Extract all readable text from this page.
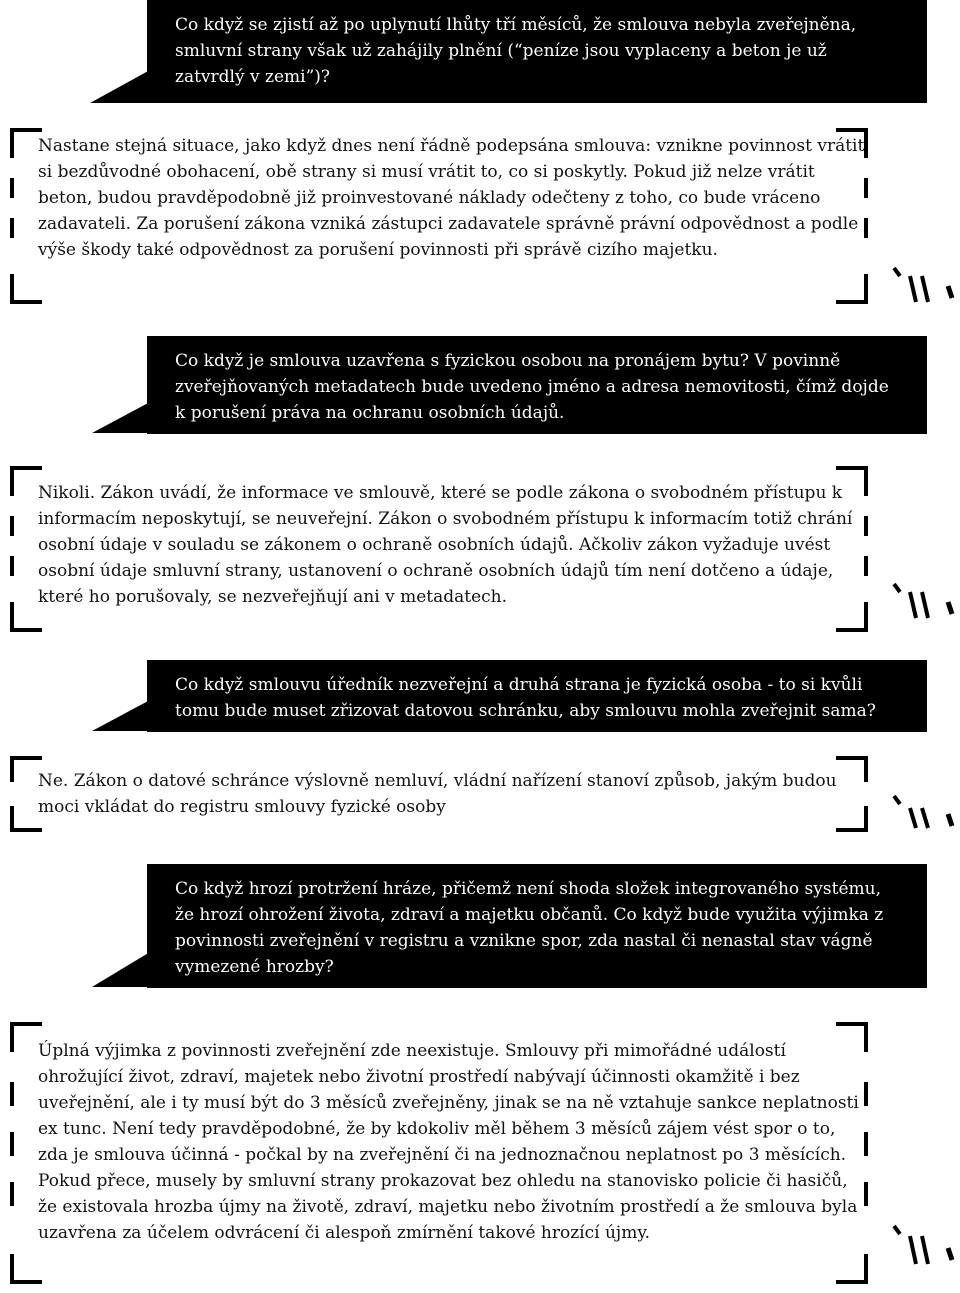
Co když se zjistí až po uplynutí lhůty tří měsíců, že smlouva nebyla zveřejněna, smluvní strany však už zahájily plnění (“peníze jsou vyplaceny a beton je už zatvrdlý v zemi”)?

Nastane stejná situace, jako když dnes není řádně podepsána smlouva: vznikne povinnost vrátit si bezdůvodné obohacení, obě strany si musí vrátit to, co si poskytly. Pokud již nelze vrátit beton, budou pravděpodobně již proinvestované náklady odečteny z toho, co bude vráceno zadavateli. Za porušení zákona vzniká zástupci zadavatele správně právní odpovědnost a podle výše škody také odpovědnost za porušení povinnosti při správě cizího majetku.

Co když je smlouva uzavřena s fyzickou osobou na pronájem bytu? V povinně zveřejňovaných metadatech bude uvedeno jméno a adresa nemovitosti, čímž dojde k porušení práva na ochranu osobních údajů.

Nikoli. Zákon uvádí, že informace ve smlouvě, které se podle zákona o svobodném přístupu k informacím neposkytují, se neuveřejní. Zákon o svobodném přístupu k informacím totiž chrání osobní údaje v souladu se zákonem o ochraně osobních údajů. Ačkoliv zákon vyžaduje uvést osobní údaje smluvní strany, ustanovení o ochraně osobních údajů tím není dotčeno a údaje, které ho porušovaly, se nezveřejňují ani v metadatech.

Co když smlouvu úředník nezveřejní a druhá strana je fyzická osoba - to si kvůli tomu bude muset zřizovat datovou schránku, aby smlouvu mohla zveřejnit sama?

Ne. Zákon o datové schránce výslovně nemluví, vládní nařízení stanoví způsob, jakým budou moci vkládat do registru smlouvy fyzické osoby

Co když hrozí protržení hráze, přičemž není shoda složek integrovaného systému, že hrozí ohrožení života, zdraví a majetku občanů. Co když bude využita výjimka z povinnosti zveřejnění v registru a vznikne spor, zda nastal či nenastal stav vágně vymezené hrozby?

Úplná výjimka z povinnosti zveřejnění zde neexistuje. Smlouvy při mimořádné událostí ohrožující život, zdraví, majetek nebo životní prostředí nabývají účinnosti okamžitě i bez uveřejnění, ale i ty musí být do 3 měsíců zveřejněny, jinak se na ně vztahuje sankce neplatnosti ex tunc. Není tedy pravděpodobné, že by kdokoliv měl během 3 měsíců zájem vést spor o to, zda je smlouva účinná - počkal by na zveřejnění či na jednoznačnou neplatnost po 3 měsících. Pokud přece, musely by smluvní strany prokazovat bez ohledu na stanovisko policie či hasičů, že existovala hrozba újmy na životě, zdraví, majetku nebo životním prostředí a že smlouva byla uzavřena za účelem odvrácení či alespoň zmírnění takové hrozící újmy.
